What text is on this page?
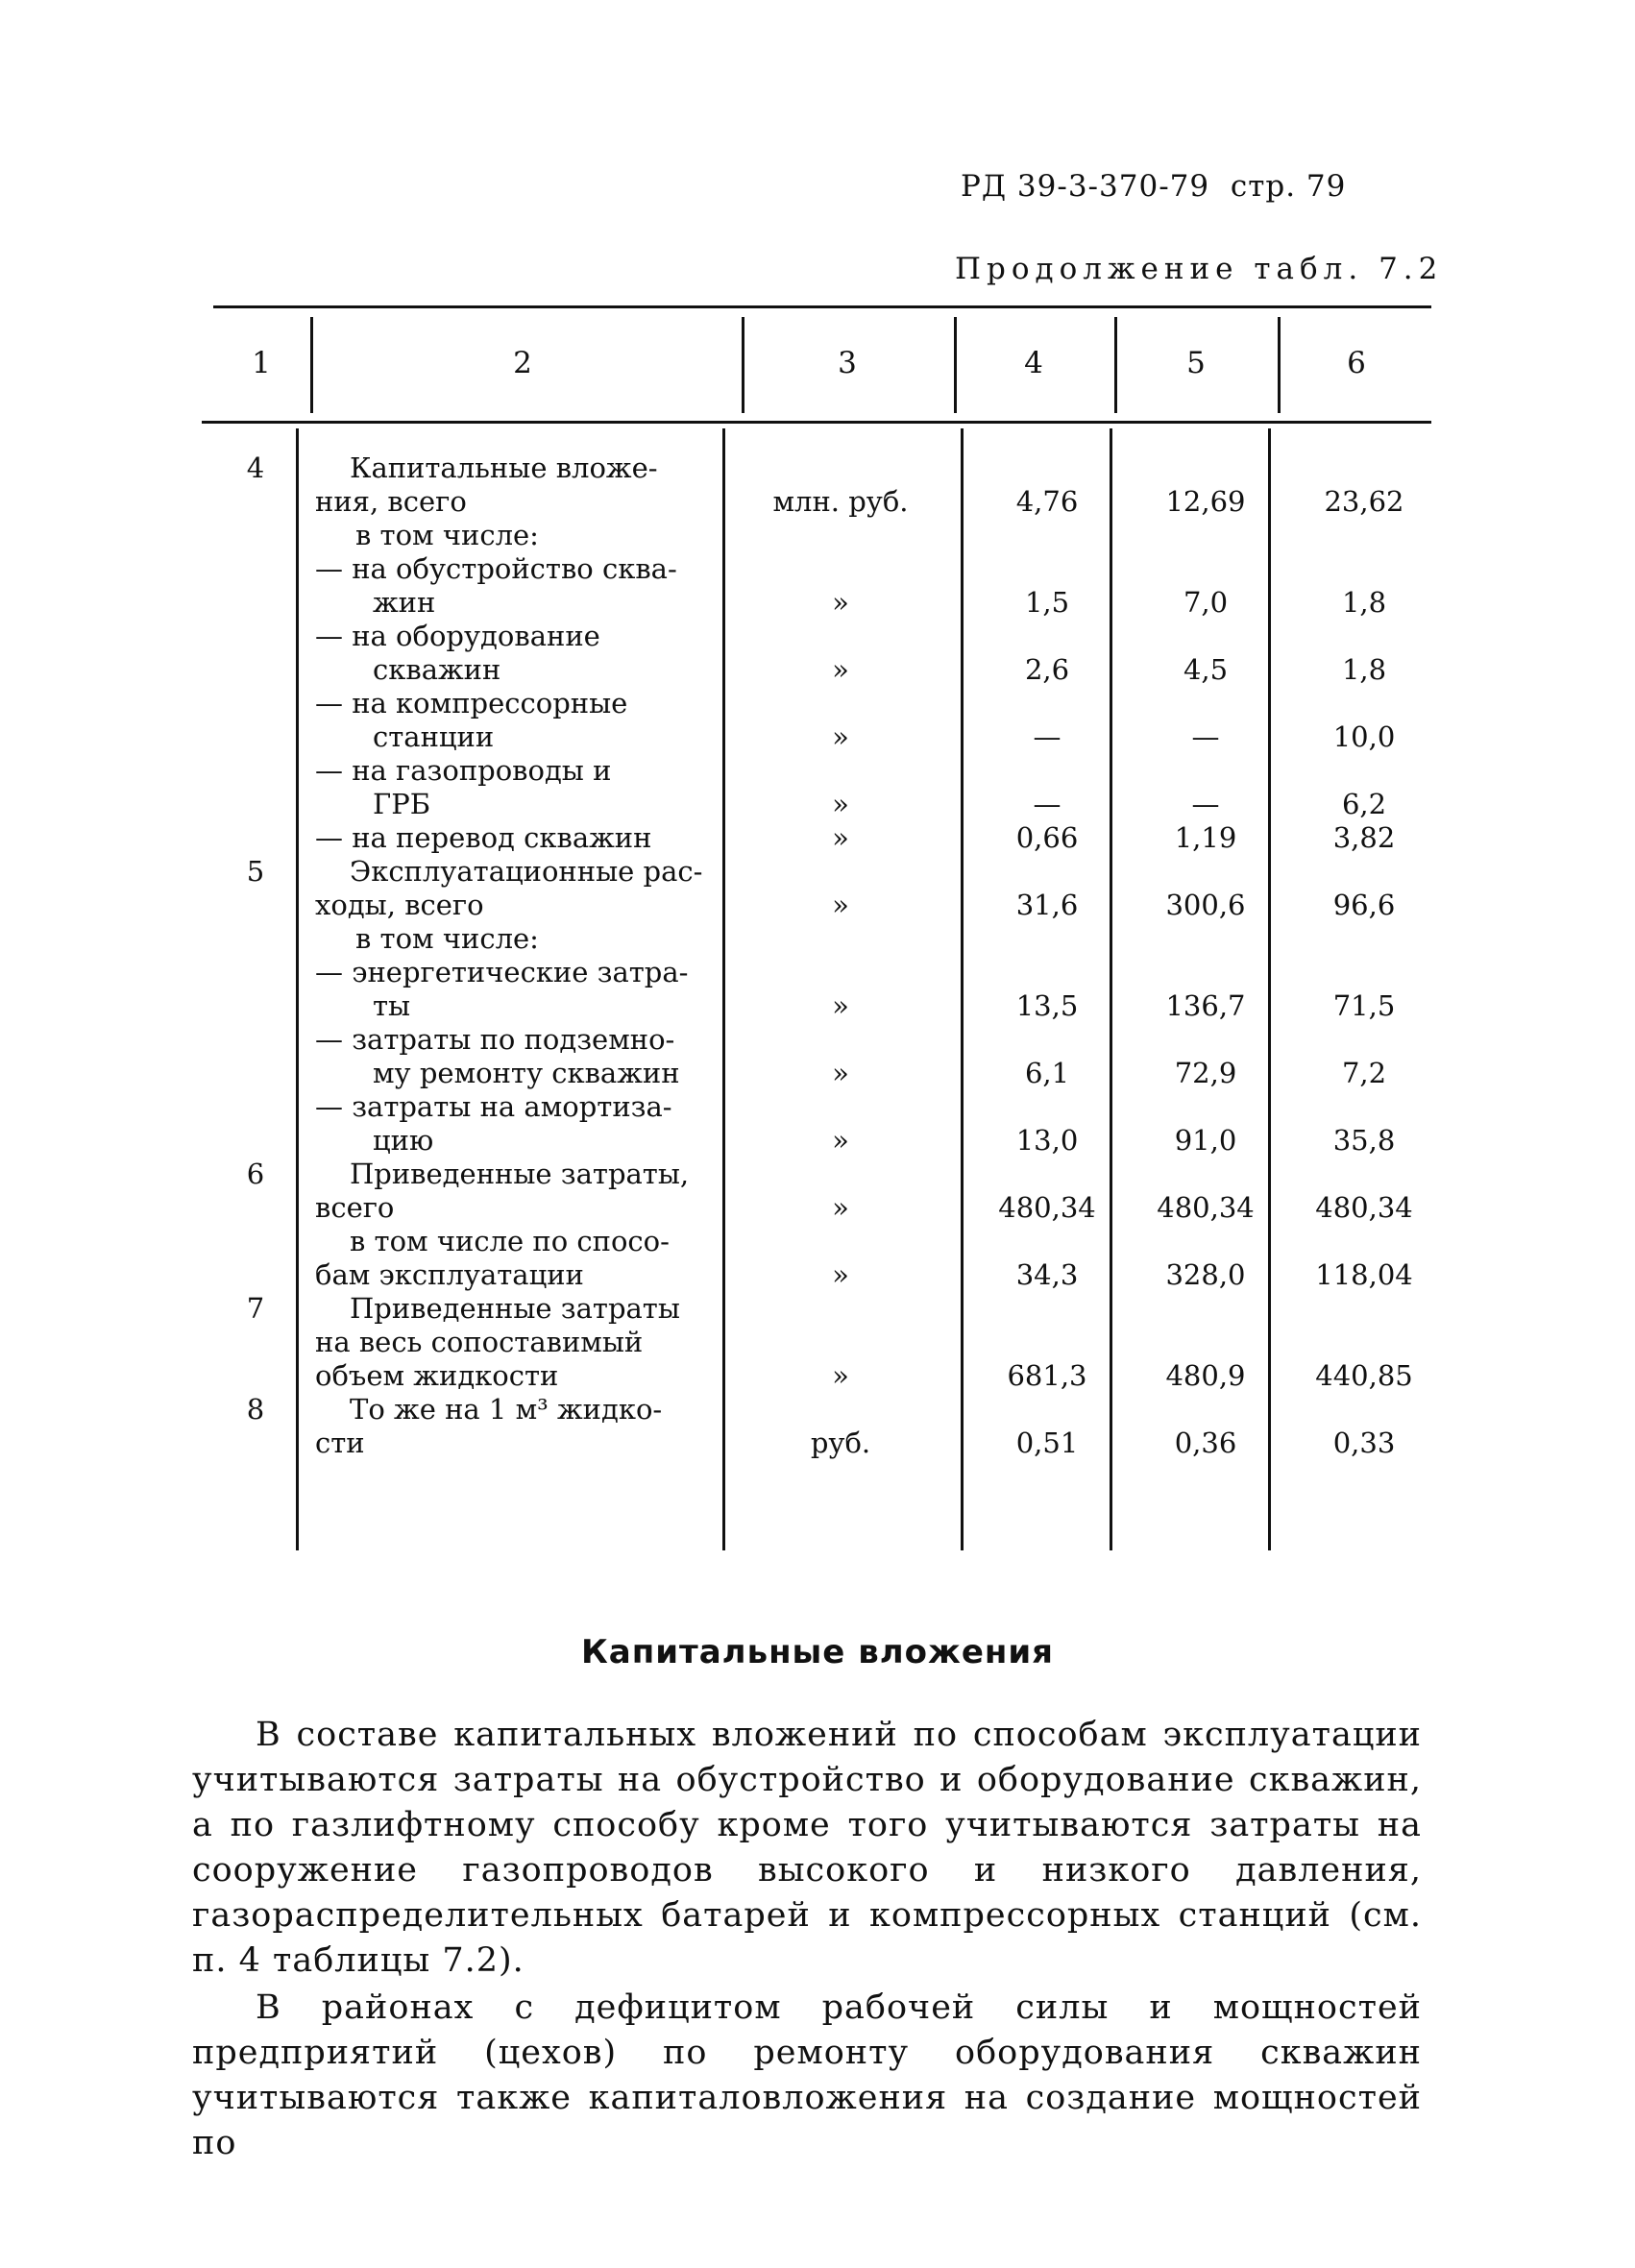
РД 39-3-370-79 стр. 79
Продолжение табл. 7.2
1	2	3	4	5	6
4	Капитальные вложе-
ния, всего	млн. руб.	4,76	12,69	23,62
в том числе:
— на обустройство сква-
жин	»	1,5	7,0	1,8
— на оборудование
скважин	»	2,6	4,5	1,8
— на компрессорные
станции	»	—	—	10,0
— на газопроводы и
ГРБ	»	—	—	6,2
— на перевод скважин	»	0,66	1,19	3,82
5	Эксплуатационные рас-
ходы, всего	»	31,6	300,6	96,6
в том числе:
— энергетические затра-
ты	»	13,5	136,7	71,5
— затраты по подземно-
му ремонту скважин	»	6,1	72,9	7,2
— затраты на амортиза-
цию	»	13,0	91,0	35,8
6	Приведенные затраты,
всего	»	480,34	480,34	480,34
в том числе по спосо-
бам эксплуатации	»	34,3	328,0	118,04
7	Приведенные затраты
на весь сопоставимый
объем жидкости	»	681,3	480,9	440,85
8	То же на 1 м³ жидко-
сти	руб.	0,51	0,36	0,33
Капитальные вложения

В составе капитальных вложений по способам эксплуатации учитываются затраты на обустройство и оборудование скважин, а по газлифтному способу кроме того учитываются затраты на сооружение газопроводов высокого и низкого давления, газораспределительных батарей и компрессорных станций (см. п. 4 таблицы 7.2).

В районах с дефицитом рабочей силы и мощностей предприятий (цехов) по ремонту оборудования скважин учитываются также капиталовложения на создание мощностей по
